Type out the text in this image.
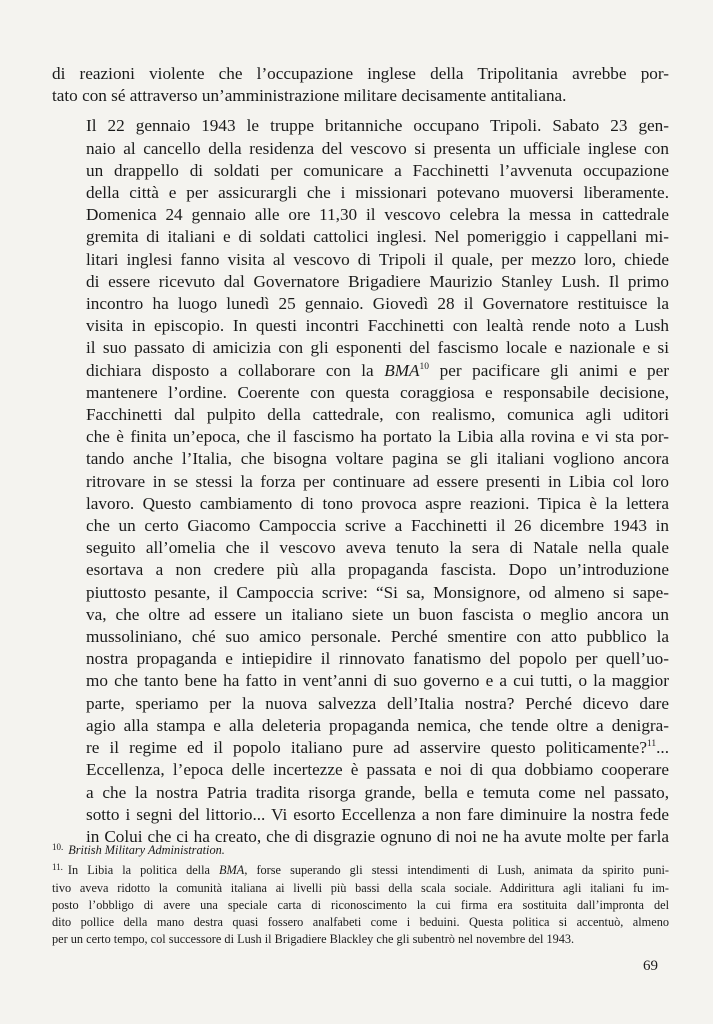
di reazioni violente che l’occupazione inglese della Tripolitania avrebbe por-
tato con sé attraverso un’amministrazione militare decisamente antitaliana.

Il 22 gennaio 1943 le truppe britanniche occupano Tripoli. Sabato 23 gen-
naio al cancello della residenza del vescovo si presenta un ufficiale inglese con
un drappello di soldati per comunicare a Facchinetti l’avvenuta occupazione
della città e per assicurargli che i missionari potevano muoversi liberamente.
Domenica 24 gennaio alle ore 11,30 il vescovo celebra la messa in cattedrale
gremita di italiani e di soldati cattolici inglesi. Nel pomeriggio i cappellani mi-
litari inglesi fanno visita al vescovo di Tripoli il quale, per mezzo loro, chiede
di essere ricevuto dal Governatore Brigadiere Maurizio Stanley Lush. Il primo
incontro ha luogo lunedì 25 gennaio. Giovedì 28 il Governatore restituisce la
visita in episcopio. In questi incontri Facchinetti con lealtà rende noto a Lush
il suo passato di amicizia con gli esponenti del fascismo locale e nazionale e si
dichiara disposto a collaborare con la BMA$^{10}$ per pacificare gli animi e per
mantenere l’ordine. Coerente con questa coraggiosa e responsabile decisione,
Facchinetti dal pulpito della cattedrale, con realismo, comunica agli uditori
che è finita un’epoca, che il fascismo ha portato la Libia alla rovina e vi sta por-
tando anche l’Italia, che bisogna voltare pagina se gli italiani vogliono ancora
ritrovare in se stessi la forza per continuare ad essere presenti in Libia col loro
lavoro. Questo cambiamento di tono provoca aspre reazioni. Tipica è la lettera
che un certo Giacomo Campoccia scrive a Facchinetti il 26 dicembre 1943 in
seguito all’omelia che il vescovo aveva tenuto la sera di Natale nella quale
esortava a non credere più alla propaganda fascista. Dopo un’introduzione
piuttosto pesante, il Campoccia scrive: “Si sa, Monsignore, od almeno si sape-
va, che oltre ad essere un italiano siete un buon fascista o meglio ancora un
mussoliniano, ché suo amico personale. Perché smentire con atto pubblico la
nostra propaganda e intiepidire il rinnovato fanatismo del popolo per quell’uo-
mo che tanto bene ha fatto in vent’anni di suo governo e a cui tutti, o la maggior
parte, speriamo per la nuova salvezza dell’Italia nostra? Perché dicevo dare
agio alla stampa e alla deleteria propaganda nemica, che tende oltre a denigra-
re il regime ed il popolo italiano pure ad asservire questo politicamente?$^{11}$...
Eccellenza, l’epoca delle incertezze è passata e noi di qua dobbiamo cooperare
a che la nostra Patria tradita risorga grande, bella e temuta come nel passato,
sotto i segni del littorio... Vi esorto Eccellenza a non fare diminuire la nostra fede
in Colui che ci ha creato, che di disgrazie ognuno di noi ne ha avute molte per farla

$^{10.}$ British Military Administration.

$^{11.}$ In Libia la politica della BMA, forse superando gli stessi intendimenti di Lush, animata da spirito puni-
tivo aveva ridotto la comunità italiana ai livelli più bassi della scala sociale. Addirittura agli italiani fu im-
posto l’obbligo di avere una speciale carta di riconoscimento la cui firma era sostituita dall’impronta del
dito pollice della mano destra quasi fossero analfabeti come i beduini. Questa politica si accentuò, almeno
per un certo tempo, col successore di Lush il Brigadiere Blackley che gli subentrò nel novembre del 1943.

69
